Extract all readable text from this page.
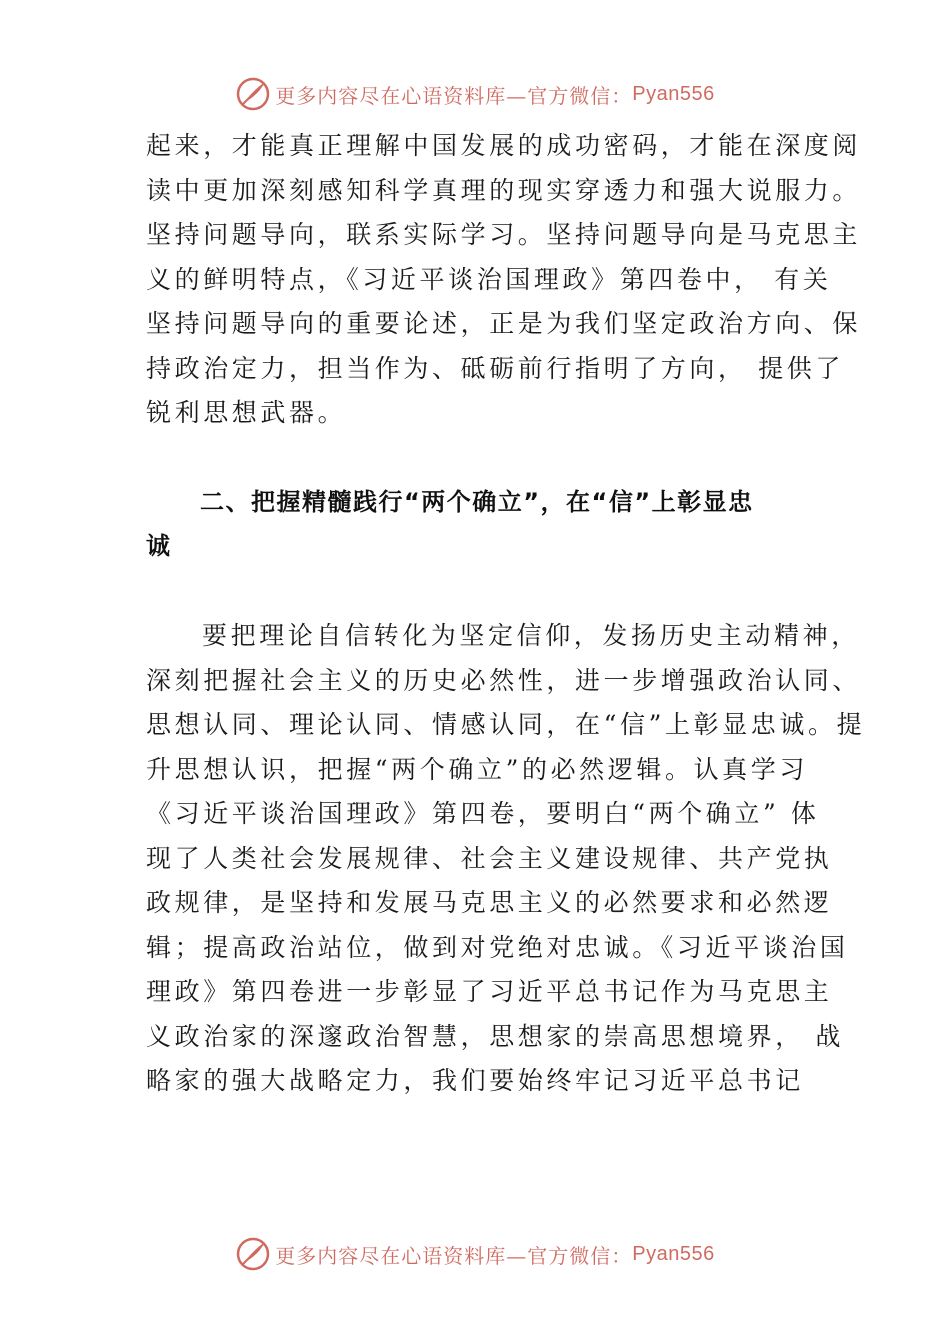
更多内容尽在心语资料库—官方微信： Pyan556
起来，才能真正理解中国发展的成功密码，才能在深度阅
读中更加深刻感知科学真理的现实穿透力和强大说服力。
坚持问题导向，联系实际学习。坚持问题导向是马克思主
义的鲜明特点，《习近平谈治国理政》第四卷中， 有关
坚持问题导向的重要论述，正是为我们坚定政治方向、保
持政治定力，担当作为、砥砺前行指明了方向， 提供了
锐利思想武器。
二、把握精髓践行“两个确立”，在“信”上彰显忠
诚
要把理论自信转化为坚定信仰，发扬历史主动精神，
深刻把握社会主义的历史必然性，进一步增强政治认同、
思想认同、理论认同、情感认同，在“信”上彰显忠诚。提
升思想认识，把握“两个确立”的必然逻辑。认真学习
《习近平谈治国理政》第四卷，要明白“两个确立” 体
现了人类社会发展规律、社会主义建设规律、共产党执
政规律，是坚持和发展马克思主义的必然要求和必然逻
辑；提高政治站位，做到对党绝对忠诚。《习近平谈治国
理政》第四卷进一步彰显了习近平总书记作为马克思主
义政治家的深邃政治智慧，思想家的崇高思想境界， 战
略家的强大战略定力，我们要始终牢记习近平总书记
更多内容尽在心语资料库—官方微信： Pyan556
